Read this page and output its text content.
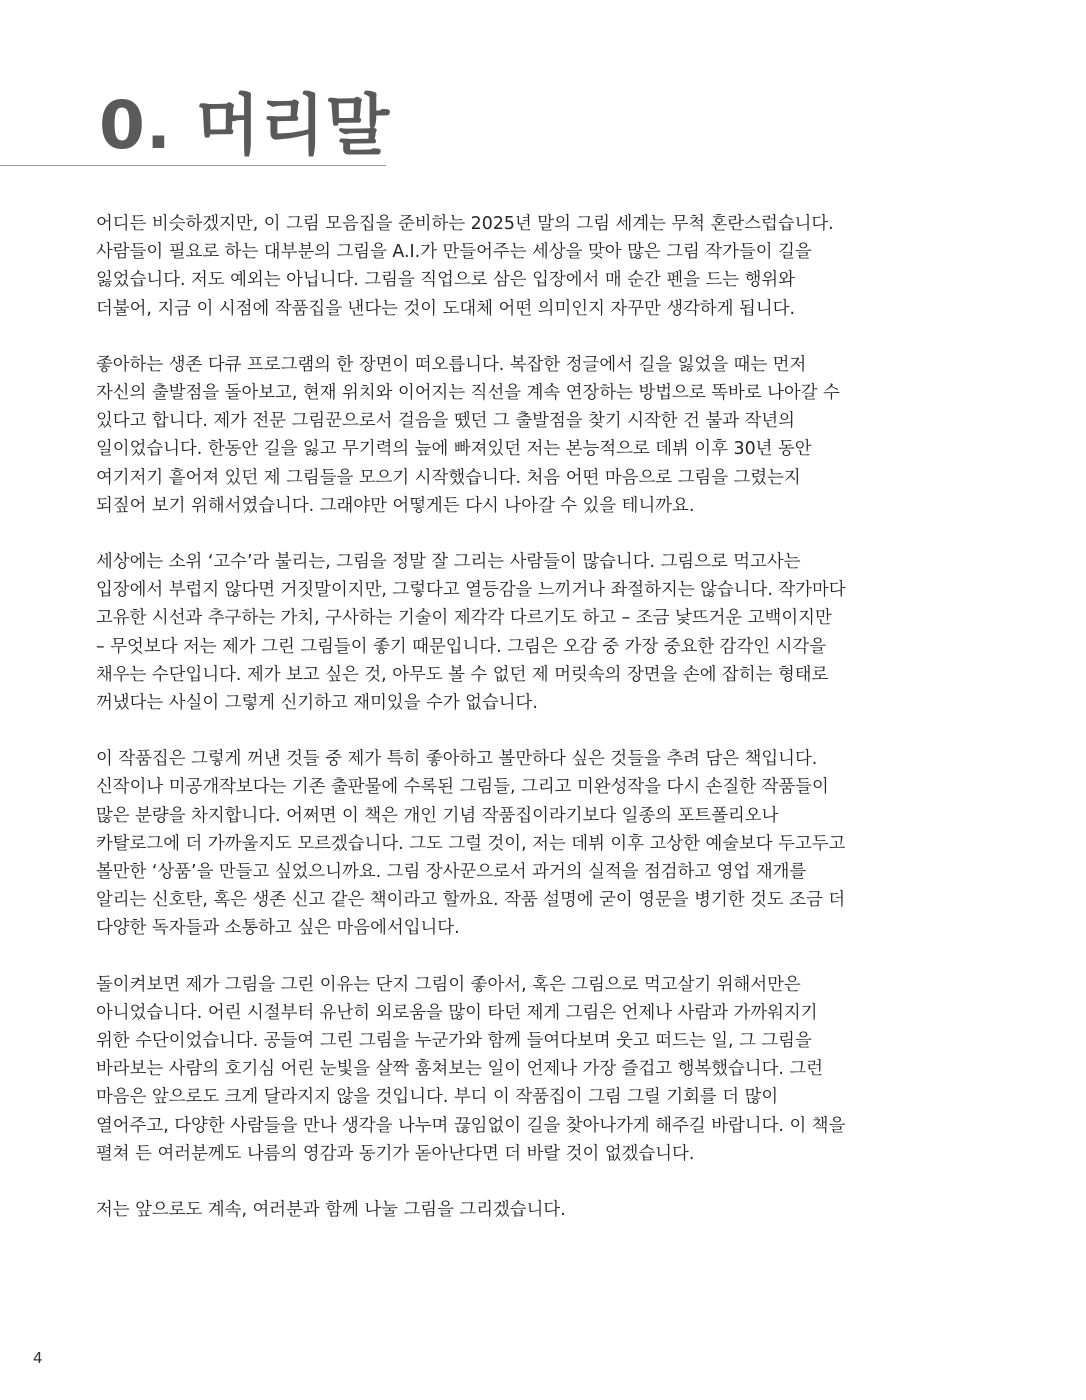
0. 머리말

어디든 비슷하겠지만, 이 그림 모음집을 준비하는 2025년 말의 그림 세계는 무척 혼란스럽습니다.
사람들이 필요로 하는 대부분의 그림을 A.I.가 만들어주는 세상을 맞아 많은 그림 작가들이 길을
잃었습니다. 저도 예외는 아닙니다. 그림을 직업으로 삼은 입장에서 매 순간 펜을 드는 행위와
더불어, 지금 이 시점에 작품집을 낸다는 것이 도대체 어떤 의미인지 자꾸만 생각하게 됩니다.

좋아하는 생존 다큐 프로그램의 한 장면이 떠오릅니다. 복잡한 정글에서 길을 잃었을 때는 먼저
자신의 출발점을 돌아보고, 현재 위치와 이어지는 직선을 계속 연장하는 방법으로 똑바로 나아갈 수
있다고 합니다. 제가 전문 그림꾼으로서 걸음을 뗐던 그 출발점을 찾기 시작한 건 불과 작년의
일이었습니다. 한동안 길을 잃고 무기력의 늪에 빠져있던 저는 본능적으로 데뷔 이후 30년 동안
여기저기 흩어져 있던 제 그림들을 모으기 시작했습니다. 처음 어떤 마음으로 그림을 그렸는지
되짚어 보기 위해서였습니다. 그래야만 어떻게든 다시 나아갈 수 있을 테니까요.

세상에는 소위 ‘고수’라 불리는, 그림을 정말 잘 그리는 사람들이 많습니다. 그림으로 먹고사는
입장에서 부럽지 않다면 거짓말이지만, 그렇다고 열등감을 느끼거나 좌절하지는 않습니다. 작가마다
고유한 시선과 추구하는 가치, 구사하는 기술이 제각각 다르기도 하고 – 조금 낯뜨거운 고백이지만
– 무엇보다 저는 제가 그린 그림들이 좋기 때문입니다. 그림은 오감 중 가장 중요한 감각인 시각을
채우는 수단입니다. 제가 보고 싶은 것, 아무도 볼 수 없던 제 머릿속의 장면을 손에 잡히는 형태로
꺼냈다는 사실이 그렇게 신기하고 재미있을 수가 없습니다.

이 작품집은 그렇게 꺼낸 것들 중 제가 특히 좋아하고 볼만하다 싶은 것들을 추려 담은 책입니다.
신작이나 미공개작보다는 기존 출판물에 수록된 그림들, 그리고 미완성작을 다시 손질한 작품들이
많은 분량을 차지합니다. 어쩌면 이 책은 개인 기념 작품집이라기보다 일종의 포트폴리오나
카탈로그에 더 가까울지도 모르겠습니다. 그도 그럴 것이, 저는 데뷔 이후 고상한 예술보다 두고두고
볼만한 ‘상품’을 만들고 싶었으니까요. 그림 장사꾼으로서 과거의 실적을 점검하고 영업 재개를
알리는 신호탄, 혹은 생존 신고 같은 책이라고 할까요. 작품 설명에 굳이 영문을 병기한 것도 조금 더
다양한 독자들과 소통하고 싶은 마음에서입니다.

돌이켜보면 제가 그림을 그린 이유는 단지 그림이 좋아서, 혹은 그림으로 먹고살기 위해서만은
아니었습니다. 어린 시절부터 유난히 외로움을 많이 타던 제게 그림은 언제나 사람과 가까워지기
위한 수단이었습니다. 공들여 그린 그림을 누군가와 함께 들여다보며 웃고 떠드는 일, 그 그림을
바라보는 사람의 호기심 어린 눈빛을 살짝 훔쳐보는 일이 언제나 가장 즐겁고 행복했습니다. 그런
마음은 앞으로도 크게 달라지지 않을 것입니다. 부디 이 작품집이 그림 그릴 기회를 더 많이
열어주고, 다양한 사람들을 만나 생각을 나누며 끊임없이 길을 찾아나가게 해주길 바랍니다. 이 책을
펼쳐 든 여러분께도 나름의 영감과 동기가 돋아난다면 더 바랄 것이 없겠습니다.

저는 앞으로도 계속, 여러분과 함께 나눌 그림을 그리겠습니다.

4
